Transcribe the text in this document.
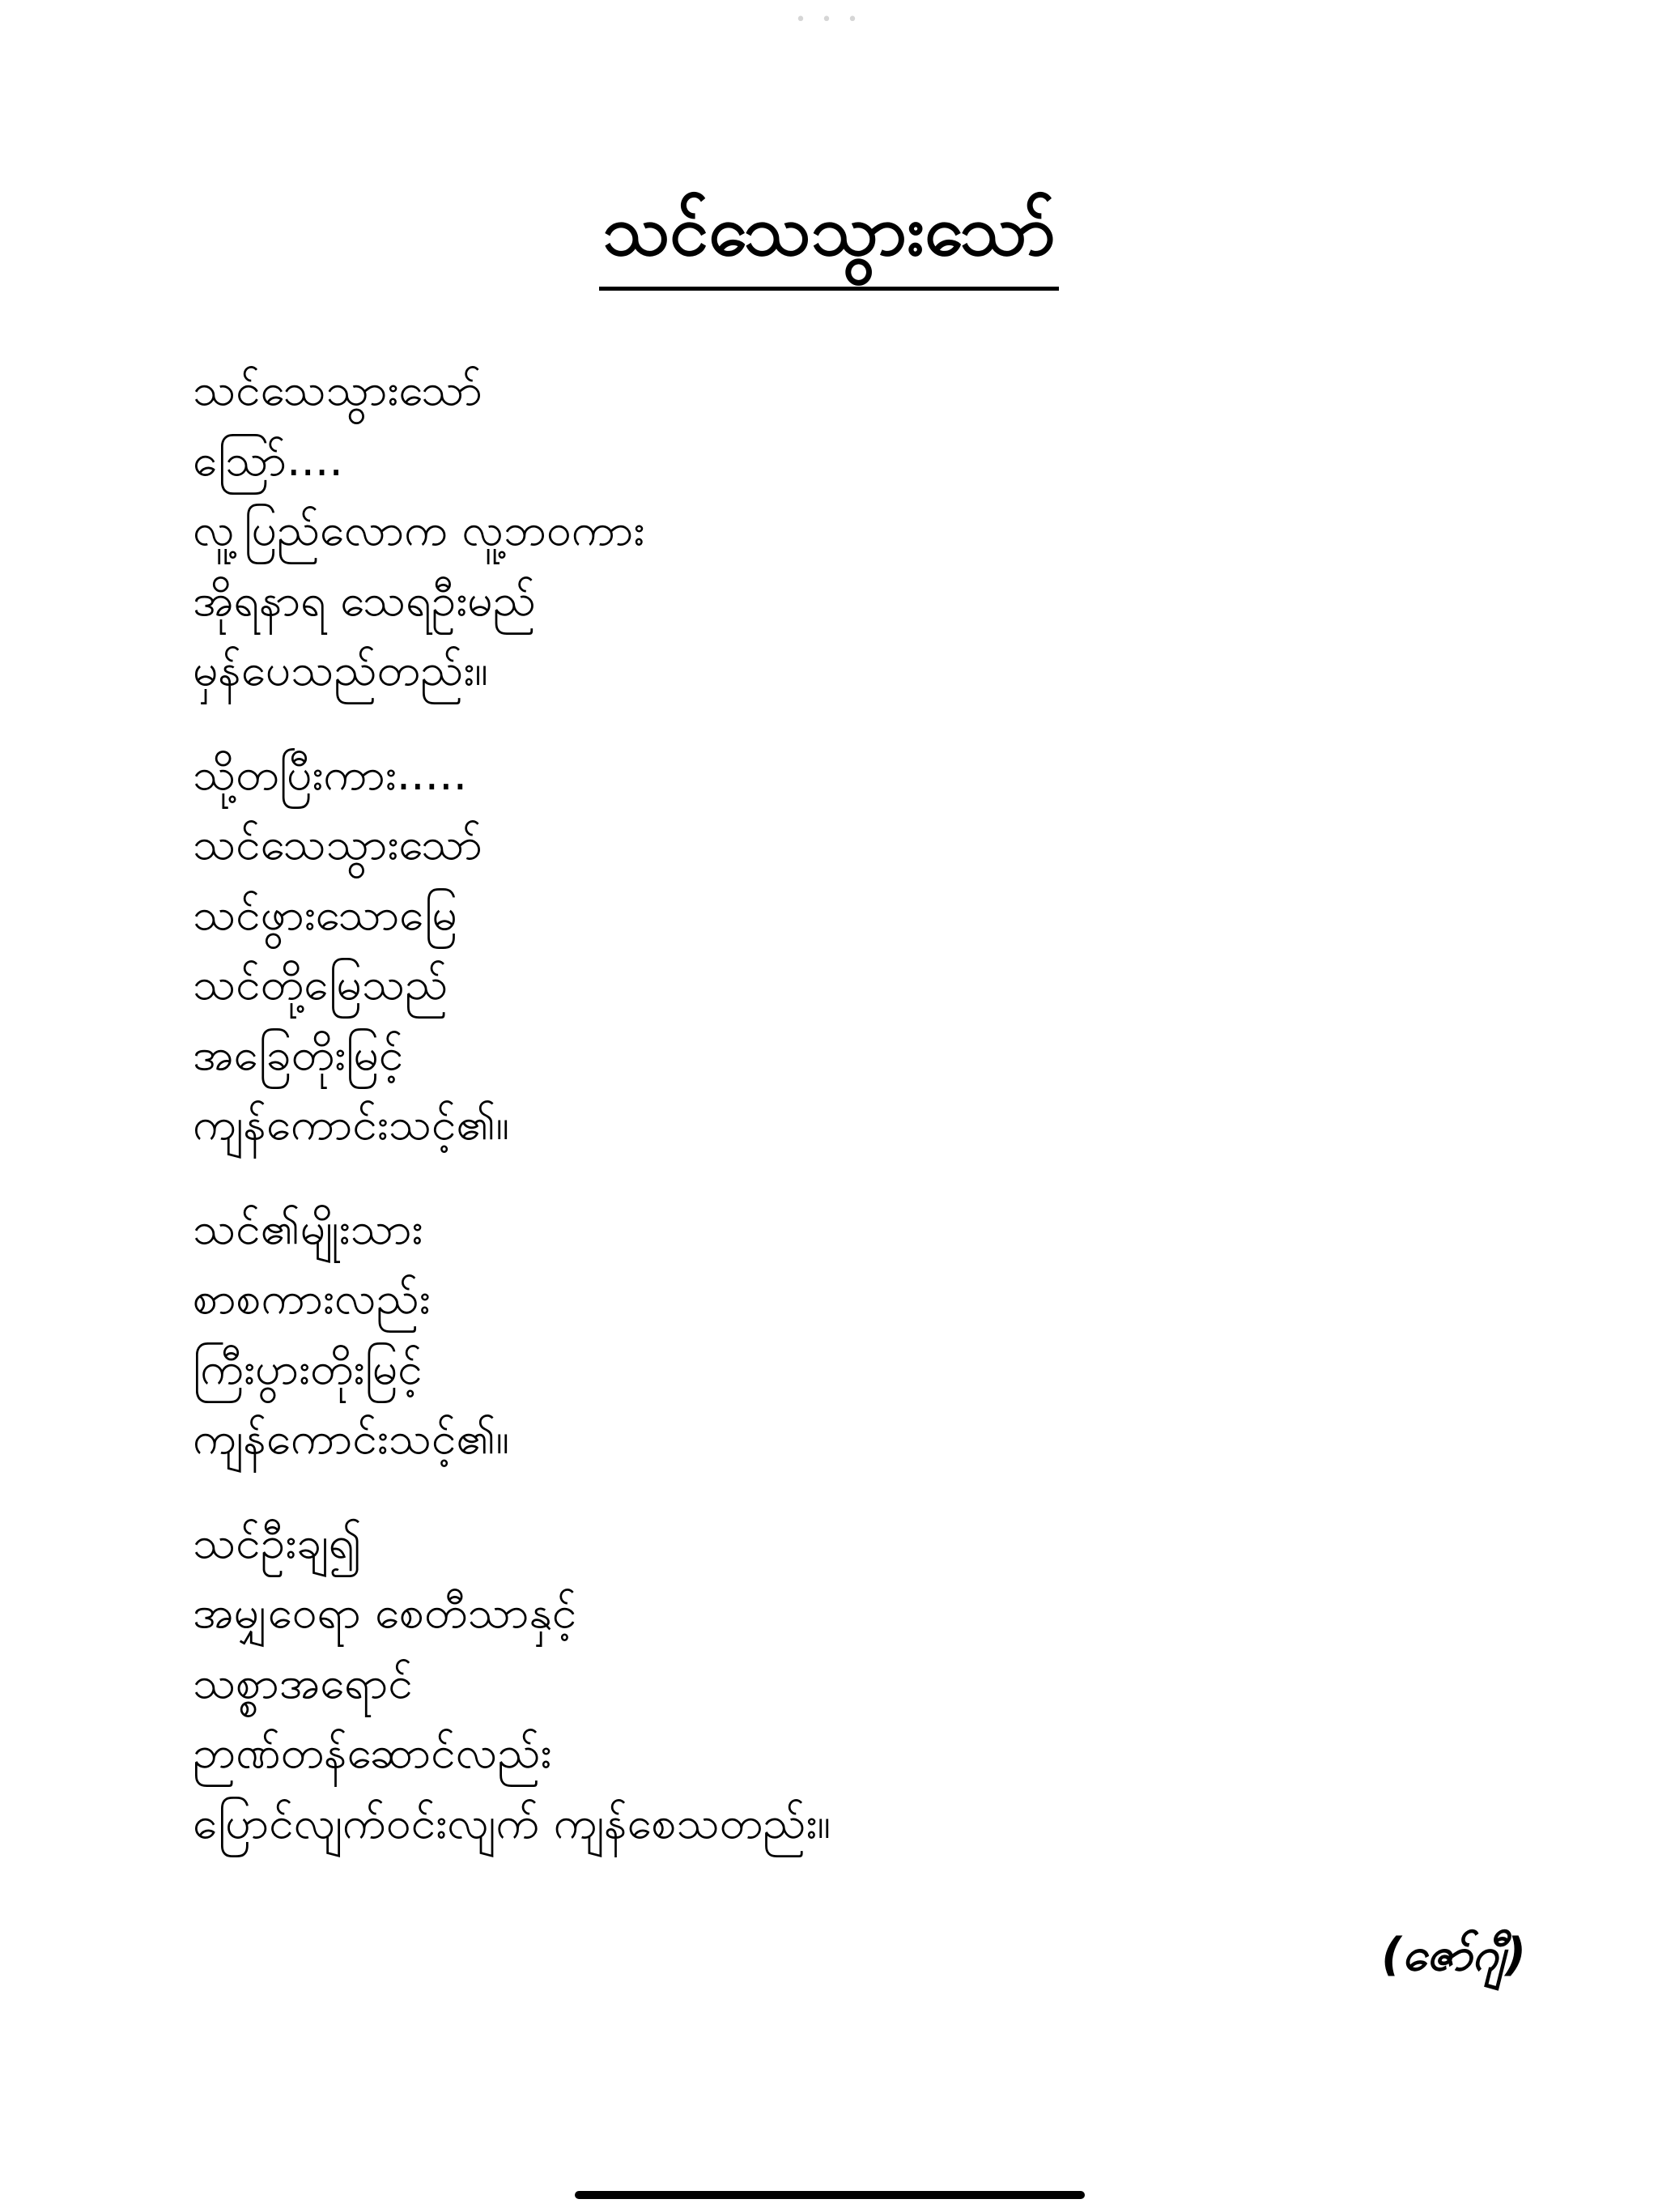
• • •
သင်သေသွားသော်
သင်သေသွားသော်
သြော်....
လူ့ပြည်လောက လူ့ဘဝကား
အိုရနာရ သေရဦးမည်
မှန်ပေသည်တည်း။
သို့တပြီးကား.....
သင်သေသွားသော်
သင်ဖွားသောမြေ
သင်တို့မြေသည်
အခြေတိုးမြင့်
ကျန်ကောင်းသင့်၏။
သင်၏မျိုးသား
စာစကားလည်း
ကြီးပွားတိုးမြင့်
ကျန်ကောင်းသင့်၏။
သင်ဦးချ၍
အမျှဝေရာ စေတီသာနှင့်
သစ္စာအရောင်
ဉာဏ်တန်ဆောင်လည်း
ပြောင်လျက်ဝင်းလျက် ကျန်စေသတည်း။
(ဇော်ဂျီ)
